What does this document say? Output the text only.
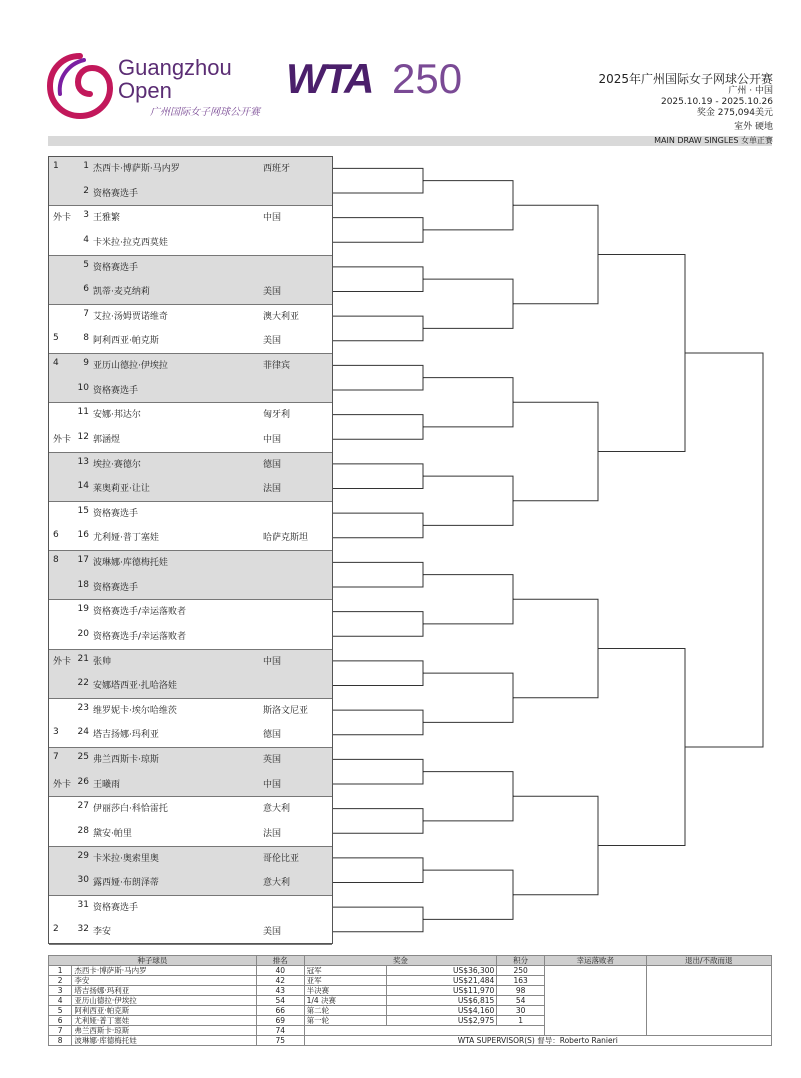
Guangzhou
Open
广州国际女子网球公开赛
WTA 250	2025年广州国际女子网球公开赛
广州 · 中国
2025.10.19 - 2025.10.26
奖金 275,094美元
室外 硬地
MAIN DRAW SINGLES 女单正赛
1	1 杰西卡·博萨斯·马内罗	西班牙
2 资格赛选手
外卡	3 王雅繁	中国
4 卡米拉·拉克西莫娃
5 资格赛选手
6 凯蒂·麦克纳莉	美国
7 艾拉·汤姆贾诺维奇	澳大利亚
5	8 阿利西亚·帕克斯	美国
4	9 亚历山德拉·伊埃拉	菲律宾
10 资格赛选手
11 安娜·邦达尔	匈牙利
外卡 12 郭涵煜	中国
13 埃拉·赛德尔	德国
14 莱奥莉亚·让让	法国
15 资格赛选手
6	16 尤利娅·普丁塞娃	哈萨克斯坦
8	17 波琳娜·库德梅托娃
18 资格赛选手
19 资格赛选手/幸运落败者
20 资格赛选手/幸运落败者
外卡 21 张帅	中国
22 安娜塔西亚·扎哈洛娃
23 维罗妮卡·埃尔哈维茨	斯洛文尼亚
3	24 塔吉扬娜·玛利亚	德国
7	25 弗兰西斯卡·琼斯	英国
外卡 26 王曦雨	中国
27 伊丽莎白·科恰雷托	意大利
28 黛安·帕里	法国
29 卡米拉·奥索里奥	哥伦比亚
30 露西娅·布朗泽蒂	意大利
31 资格赛选手
2	32 李安	美国
种子球员		排名	奖金		积分	幸运落败者	退出/不敌而退
1	杰西卡·博萨斯·马内罗	40	冠军	US$36,300	250		
2	李安	42	亚军	US$21,484	163		
3	塔吉扬娜·玛利亚	43	半决赛	US$11,970	98		
4	亚历山德拉·伊埃拉	54	1/4 决赛	US$6,815	54		
5	阿利西亚·帕克斯	66	第二轮	US$4,160	30		
6	尤利娅·普丁塞娃	69	第一轮	US$2,975	1		
7	弗兰西斯卡·琼斯	74					
8	波琳娜·库德梅托娃	75	WTA SUPERVISOR(S) 督导：Roberto Ranieri				
